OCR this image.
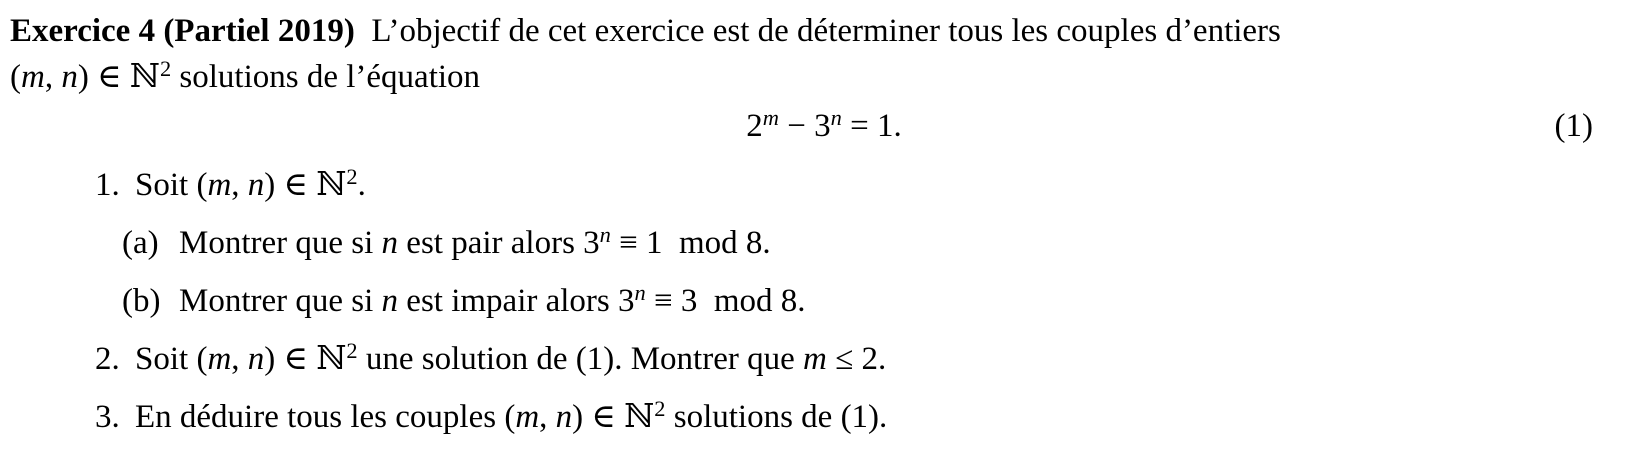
Exercice 4 (Partiel 2019)  L’objectif de cet exercice est de déterminer tous les couples d’entiers
(m, n) ∈ ℕ$^2$ solutions de l’équation
$2^m - 3^n = 1$.	(1)
1. Soit (m, n) ∈ ℕ$^2$.
(a) Montrer que si n est pair alors $3^n \equiv 1$  mod 8.
(b) Montrer que si n est impair alors $3^n \equiv 3$  mod 8.
2. Soit (m, n) ∈ ℕ$^2$ une solution de (1). Montrer que m ≤ 2.
3. En déduire tous les couples (m, n) ∈ ℕ$^2$ solutions de (1).
